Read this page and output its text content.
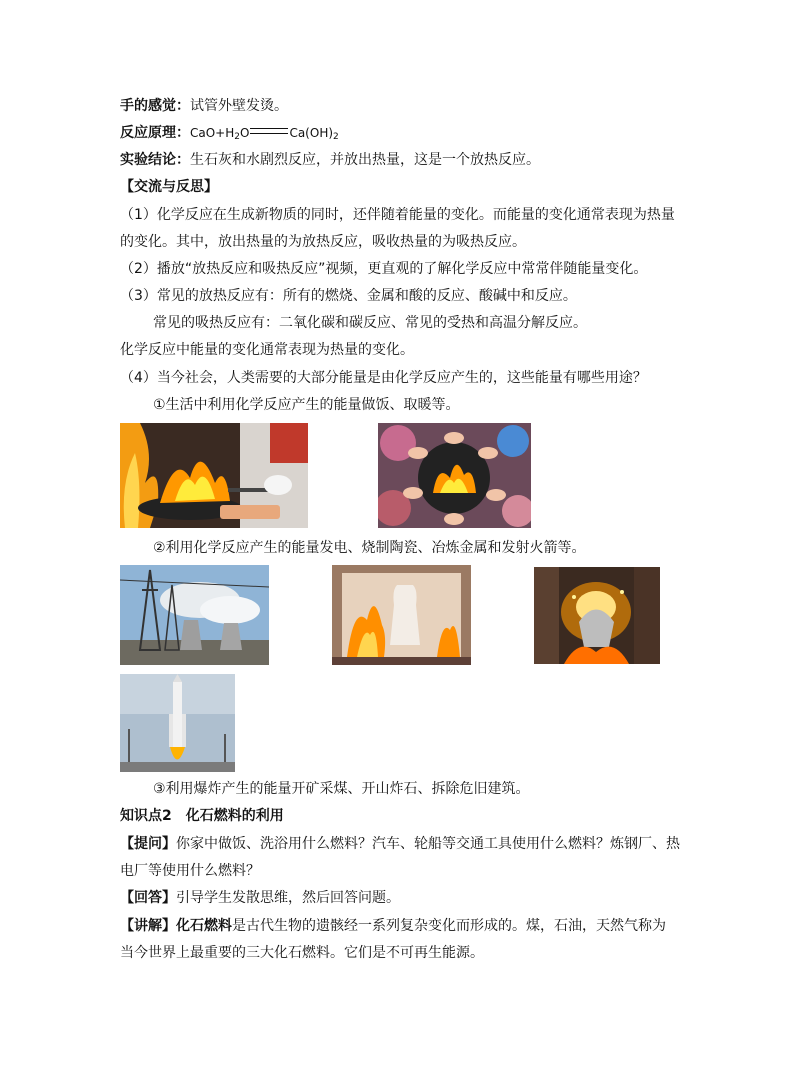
手的感觉：试管外壁发烫。
反应原理：$CaO+H_2O$	$Ca(OH)_2$
实验结论：生石灰和水剧烈反应，并放出热量，这是一个放热反应。
【交流与反思】
（1）化学反应在生成新物质的同时，还伴随着能量的变化。而能量的变化通常表现为热量
的变化。其中，放出热量的为放热反应，吸收热量的为吸热反应。
（2）播放“放热反应和吸热反应”视频，更直观的了解化学反应中常常伴随能量变化。
（3）常见的放热反应有：所有的燃烧、金属和酸的反应、酸碱中和反应。
常见的吸热反应有：二氧化碳和碳反应、常见的受热和高温分解反应。
化学反应中能量的变化通常表现为热量的变化。
（4）当今社会，人类需要的大部分能量是由化学反应产生的，这些能量有哪些用途？
①生活中利用化学反应产生的能量做饭、取暖等。
②利用化学反应产生的能量发电、烧制陶瓷、冶炼金属和发射火箭等。
③利用爆炸产生的能量开矿采煤、开山炸石、拆除危旧建筑。
知识点2　化石燃料的利用
【提问】你家中做饭、洗浴用什么燃料？汽车、轮船等交通工具使用什么燃料？炼钢厂、热
电厂等使用什么燃料？
【回答】引导学生发散思维，然后回答问题。
【讲解】化石燃料是古代生物的遗骸经一系列复杂变化而形成的。煤，石油，天然气称为
当今世界上最重要的三大化石燃料。它们是不可再生能源。
